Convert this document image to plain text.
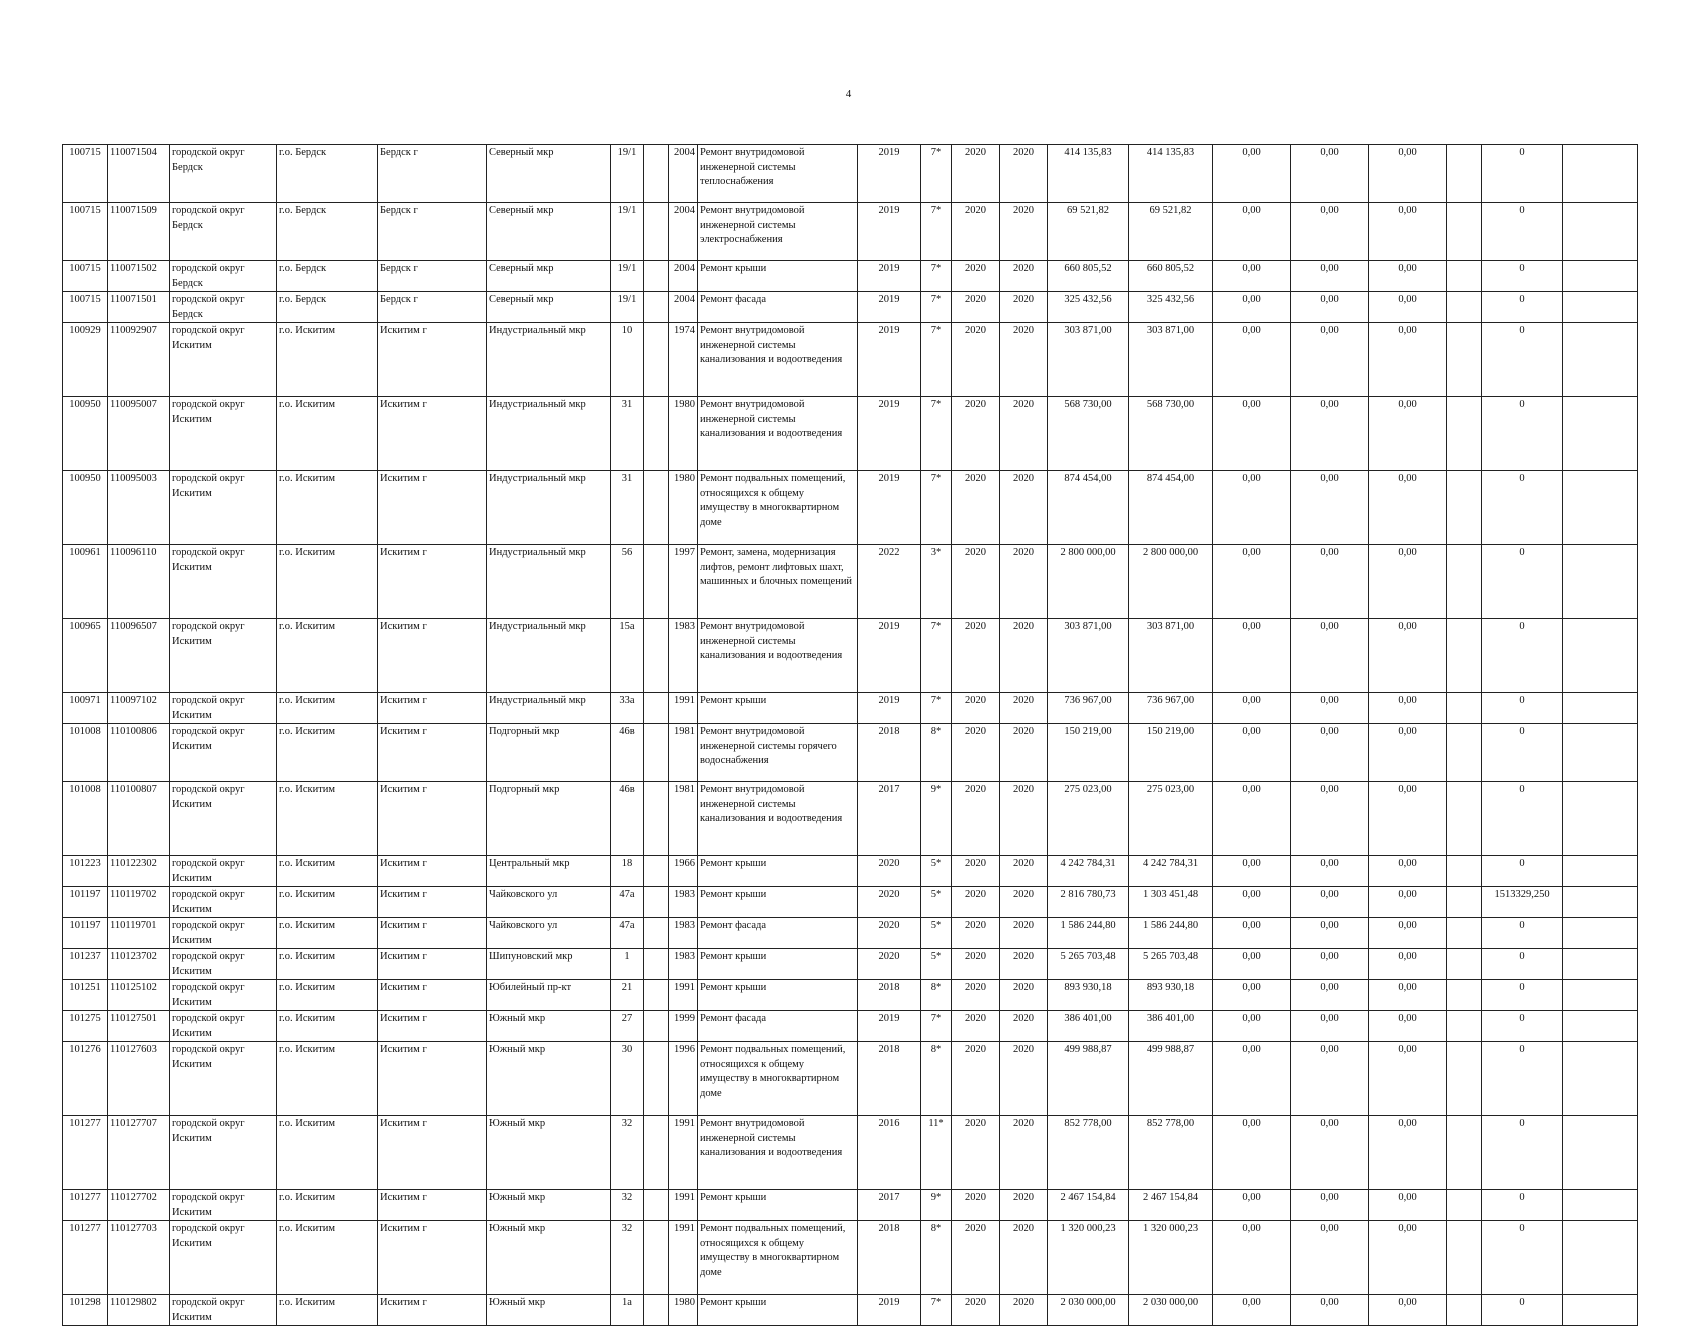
4
100715	110071504	городской округ Бердск	г.о. Бердск	Бердск г	Северный мкр	19/1		2004	Ремонт внутридомовой инженерной системы теплоснабжения	2019	7*	2020	2020	414 135,83	414 135,83	0,00	0,00	0,00		0	
100715	110071509	городской округ Бердск	г.о. Бердск	Бердск г	Северный мкр	19/1		2004	Ремонт внутридомовой инженерной системы электроснабжения	2019	7*	2020	2020	69 521,82	69 521,82	0,00	0,00	0,00		0	
100715	110071502	городской округ Бердск	г.о. Бердск	Бердск г	Северный мкр	19/1		2004	Ремонт крыши	2019	7*	2020	2020	660 805,52	660 805,52	0,00	0,00	0,00		0	
100715	110071501	городской округ Бердск	г.о. Бердск	Бердск г	Северный мкр	19/1		2004	Ремонт фасада	2019	7*	2020	2020	325 432,56	325 432,56	0,00	0,00	0,00		0	
100929	110092907	городской округ Искитим	г.о. Искитим	Искитим г	Индустриальный мкр	10		1974	Ремонт внутридомовой инженерной системы канализования и водоотведения	2019	7*	2020	2020	303 871,00	303 871,00	0,00	0,00	0,00		0	
100950	110095007	городской округ Искитим	г.о. Искитим	Искитим г	Индустриальный мкр	31		1980	Ремонт внутридомовой инженерной системы канализования и водоотведения	2019	7*	2020	2020	568 730,00	568 730,00	0,00	0,00	0,00		0	
100950	110095003	городской округ Искитим	г.о. Искитим	Искитим г	Индустриальный мкр	31		1980	Ремонт подвальных помещений, относящихся к общему имуществу в многоквартирном доме	2019	7*	2020	2020	874 454,00	874 454,00	0,00	0,00	0,00		0	
100961	110096110	городской округ Искитим	г.о. Искитим	Искитим г	Индустриальный мкр	56		1997	Ремонт, замена, модернизация лифтов, ремонт лифтовых шахт, машинных и блочных помещений	2022	3*	2020	2020	2 800 000,00	2 800 000,00	0,00	0,00	0,00		0	
100965	110096507	городской округ Искитим	г.о. Искитим	Искитим г	Индустриальный мкр	15а		1983	Ремонт внутридомовой инженерной системы канализования и водоотведения	2019	7*	2020	2020	303 871,00	303 871,00	0,00	0,00	0,00		0	
100971	110097102	городской округ Искитим	г.о. Искитим	Искитим г	Индустриальный мкр	33а		1991	Ремонт крыши	2019	7*	2020	2020	736 967,00	736 967,00	0,00	0,00	0,00		0	
101008	110100806	городской округ Искитим	г.о. Искитим	Искитим г	Подгорный мкр	46в		1981	Ремонт внутридомовой инженерной системы горячего водоснабжения	2018	8*	2020	2020	150 219,00	150 219,00	0,00	0,00	0,00		0	
101008	110100807	городской округ Искитим	г.о. Искитим	Искитим г	Подгорный мкр	46в		1981	Ремонт внутридомовой инженерной системы канализования и водоотведения	2017	9*	2020	2020	275 023,00	275 023,00	0,00	0,00	0,00		0	
101223	110122302	городской округ Искитим	г.о. Искитим	Искитим г	Центральный мкр	18		1966	Ремонт крыши	2020	5*	2020	2020	4 242 784,31	4 242 784,31	0,00	0,00	0,00		0	
101197	110119702	городской округ Искитим	г.о. Искитим	Искитим г	Чайковского ул	47а		1983	Ремонт крыши	2020	5*	2020	2020	2 816 780,73	1 303 451,48	0,00	0,00	0,00		1513329,250	
101197	110119701	городской округ Искитим	г.о. Искитим	Искитим г	Чайковского ул	47а		1983	Ремонт фасада	2020	5*	2020	2020	1 586 244,80	1 586 244,80	0,00	0,00	0,00		0	
101237	110123702	городской округ Искитим	г.о. Искитим	Искитим г	Шипуновский мкр	1		1983	Ремонт крыши	2020	5*	2020	2020	5 265 703,48	5 265 703,48	0,00	0,00	0,00		0	
101251	110125102	городской округ Искитим	г.о. Искитим	Искитим г	Юбилейный пр-кт	21		1991	Ремонт крыши	2018	8*	2020	2020	893 930,18	893 930,18	0,00	0,00	0,00		0	
101275	110127501	городской округ Искитим	г.о. Искитим	Искитим г	Южный мкр	27		1999	Ремонт фасада	2019	7*	2020	2020	386 401,00	386 401,00	0,00	0,00	0,00		0	
101276	110127603	городской округ Искитим	г.о. Искитим	Искитим г	Южный мкр	30		1996	Ремонт подвальных помещений, относящихся к общему имуществу в многоквартирном доме	2018	8*	2020	2020	499 988,87	499 988,87	0,00	0,00	0,00		0	
101277	110127707	городской округ Искитим	г.о. Искитим	Искитим г	Южный мкр	32		1991	Ремонт внутридомовой инженерной системы канализования и водоотведения	2016	11*	2020	2020	852 778,00	852 778,00	0,00	0,00	0,00		0	
101277	110127702	городской округ Искитим	г.о. Искитим	Искитим г	Южный мкр	32		1991	Ремонт крыши	2017	9*	2020	2020	2 467 154,84	2 467 154,84	0,00	0,00	0,00		0	
101277	110127703	городской округ Искитим	г.о. Искитим	Искитим г	Южный мкр	32		1991	Ремонт подвальных помещений, относящихся к общему имуществу в многоквартирном доме	2018	8*	2020	2020	1 320 000,23	1 320 000,23	0,00	0,00	0,00		0	
101298	110129802	городской округ Искитим	г.о. Искитим	Искитим г	Южный мкр	1а		1980	Ремонт крыши	2019	7*	2020	2020	2 030 000,00	2 030 000,00	0,00	0,00	0,00		0	
